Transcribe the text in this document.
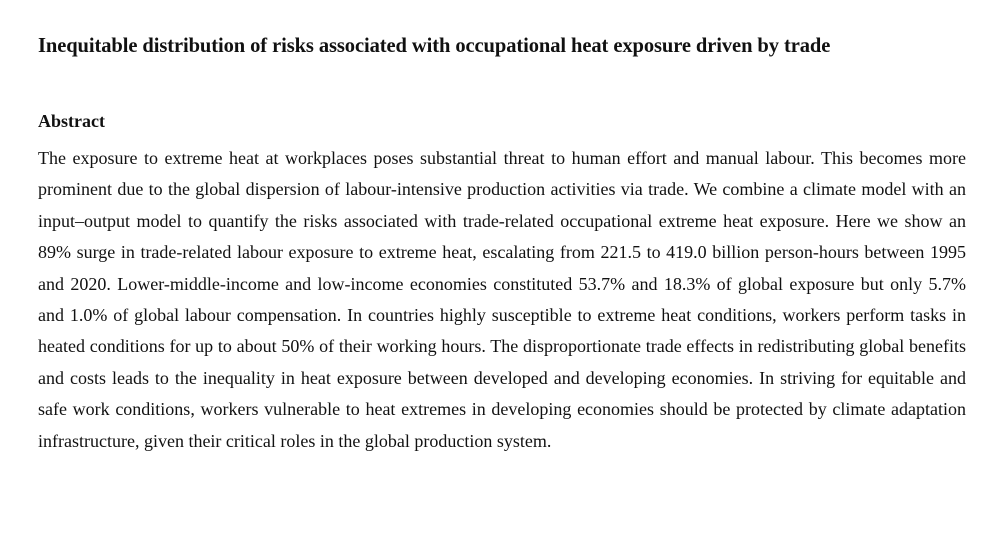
Inequitable distribution of risks associated with occupational heat exposure driven by trade
Abstract

The exposure to extreme heat at workplaces poses substantial threat to human effort and manual labour. This becomes more prominent due to the global dispersion of labour-intensive production activities via trade. We combine a climate model with an input–output model to quantify the risks associated with trade-related occupational extreme heat exposure. Here we show an 89% surge in trade-related labour exposure to extreme heat, escalating from 221.5 to 419.0 billion person-hours between 1995 and 2020. Lower-middle-income and low-income economies constituted 53.7% and 18.3% of global exposure but only 5.7% and 1.0% of global labour compensation. In countries highly susceptible to extreme heat conditions, workers perform tasks in heated conditions for up to about 50% of their working hours. The disproportionate trade effects in redistributing global benefits and costs leads to the inequality in heat exposure between developed and developing economies. In striving for equitable and safe work conditions, workers vulnerable to heat extremes in developing economies should be protected by climate adaptation infrastructure, given their critical roles in the global production system.
